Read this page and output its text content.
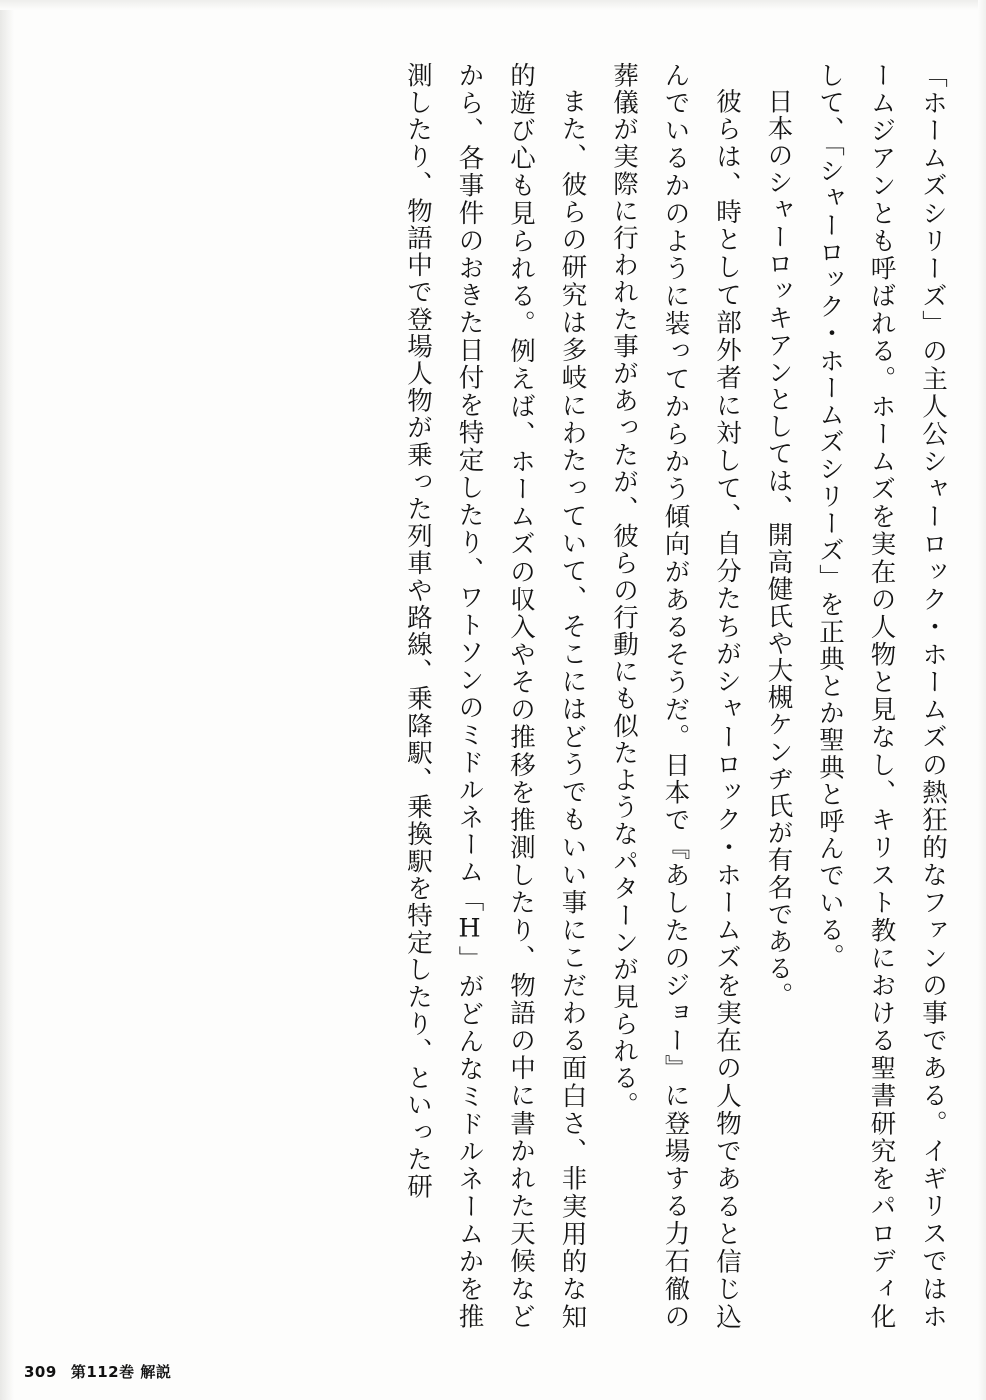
「ホームズシリーズ」の主人公シャーロック・ホームズの熱狂的なファンの事である。イギリスではホームジアンとも呼ばれる。ホームズを実在の人物と見なし、キリスト教における聖書研究をパロディ化して、「シャーロック・ホームズシリーズ」を正典とか聖典と呼んでいる。

日本のシャーロッキアンとしては、開高健氏や大槻ケンヂ氏が有名である。

彼らは、時として部外者に対して、自分たちがシャーロック・ホームズを実在の人物であると信じ込んでいるかのように装ってからかう傾向があるそうだ。日本で『あしたのジョー』に登場する力石徹の葬儀が実際に行われた事があったが、彼らの行動にも似たようなパターンが見られる。

また、彼らの研究は多岐にわたっていて、そこにはどうでもいい事にこだわる面白さ、非実用的な知的遊び心も見られる。例えば、ホームズの収入やその推移を推測したり、物語の中に書かれた天候などから、各事件のおきた日付を特定したり、ワトソンのミドルネーム「H」がどんなミドルネームかを推測したり、物語中で登場人物が乗った列車や路線、乗降駅、乗換駅を特定したり、といった研

309 第112巻 解説
